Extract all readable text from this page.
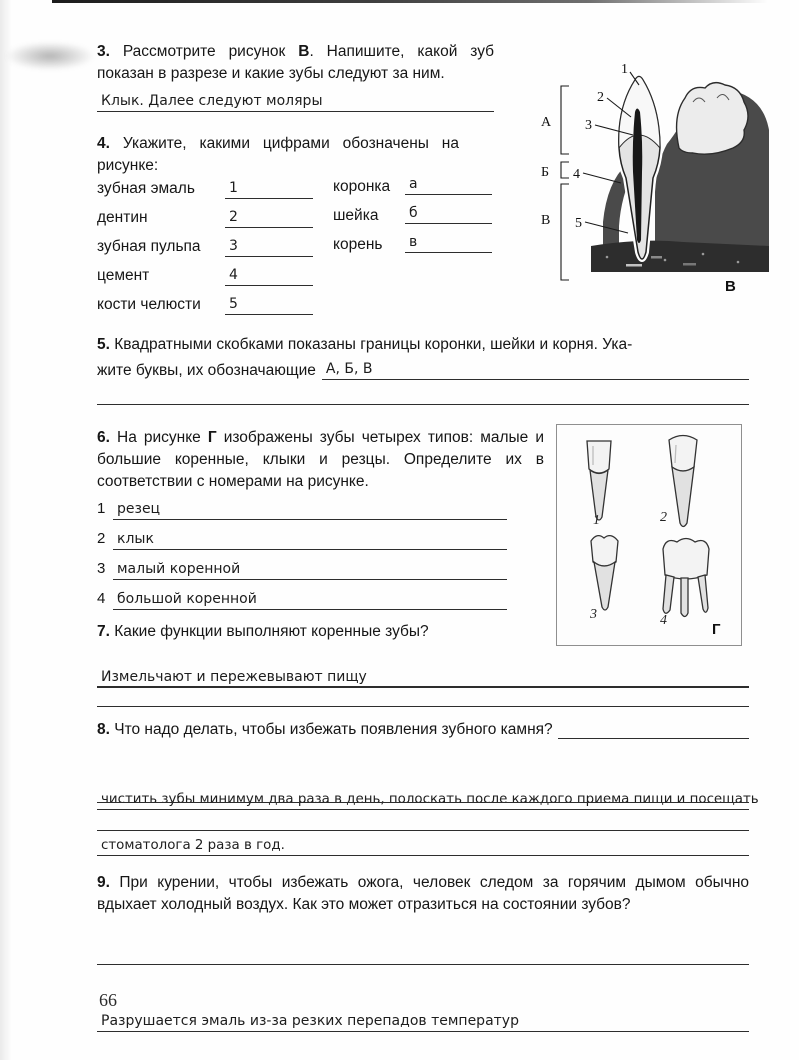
3. Рассмотрите рисунок В. Напишите, какой зуб показан в разрезе и какие зубы следуют за ним.

Клык. Далее следуют моляры

4. Укажите, какими цифрами обозначены на рисунке:

зубная эмаль 1	коронка а
дентин	2	шейка б
зубная пульпа 3	корень в
цемент	4
кости челюсти 5
1
2
3
А
Б
В
4
5
В

5. Квадратными скобками показаны границы коронки, шейки и корня. Ука-

жите буквы, их обозначающие А, Б, В

6. На рисунке Г изображены зубы четырех типов: малые и большие коренные, клыки и резцы. Определите их в соответствии с номерами на рисунке.

1 резец
2 клык
3 малый коренной
4 большой коренной
1	2
3	4
Г

7. Какие функции выполняют коренные зубы?

Измельчают и пережевывают пищу
8. Что надо делать, чтобы избежать появления зубного камня?
чистить зубы минимум два раза в день, полоскать после каждого приема пищи и посещать
стоматолога 2 раза в год.

9. При курении, чтобы избежать ожога, человек следом за горячим дымом обычно вдыхает холодный воздух. Как это может отразиться на состоянии зубов?

Разрушается эмаль из-за резких перепадов температур
66
